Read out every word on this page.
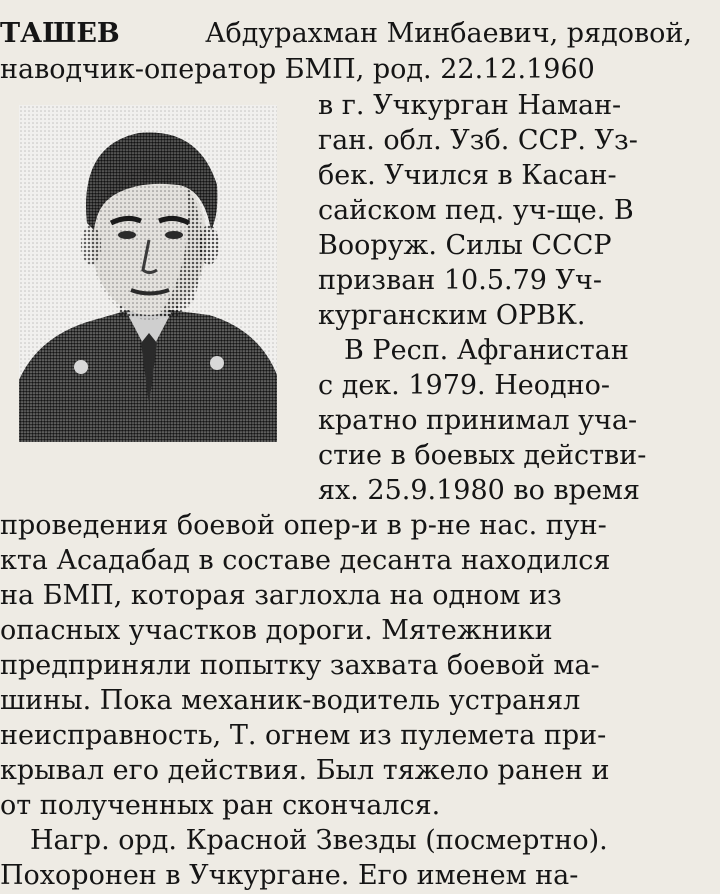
ТАШЕВ	Абдурахман Минбаевич, рядовой,
наводчик-оператор БМП, род. 22.12.1960
в г. Учкурган Наман-
ган. обл. Узб. ССР. Уз-
бек. Учился в Касан-
сайском пед. уч-ще. В
Вооруж. Силы СССР
призван 10.5.79 Уч-
курганским ОРВК.
В Респ. Афганистан
с дек. 1979. Неодно-
кратно принимал уча-
стие в боевых действи-
ях. 25.9.1980 во время
проведения боевой опер-и в р-не нас. пун-
кта Асадабад в составе десанта находился
на БМП, которая заглохла на одном из
опасных участков дороги. Мятежники
предприняли попытку захвата боевой ма-
шины. Пока механик-водитель устранял
неисправность, Т. огнем из пулемета при-
крывал его действия. Был тяжело ранен и
от полученных ран скончался.
Нагр. орд. Красной Звезды (посмертно).
Похоронен в Учкургане. Его именем на-
